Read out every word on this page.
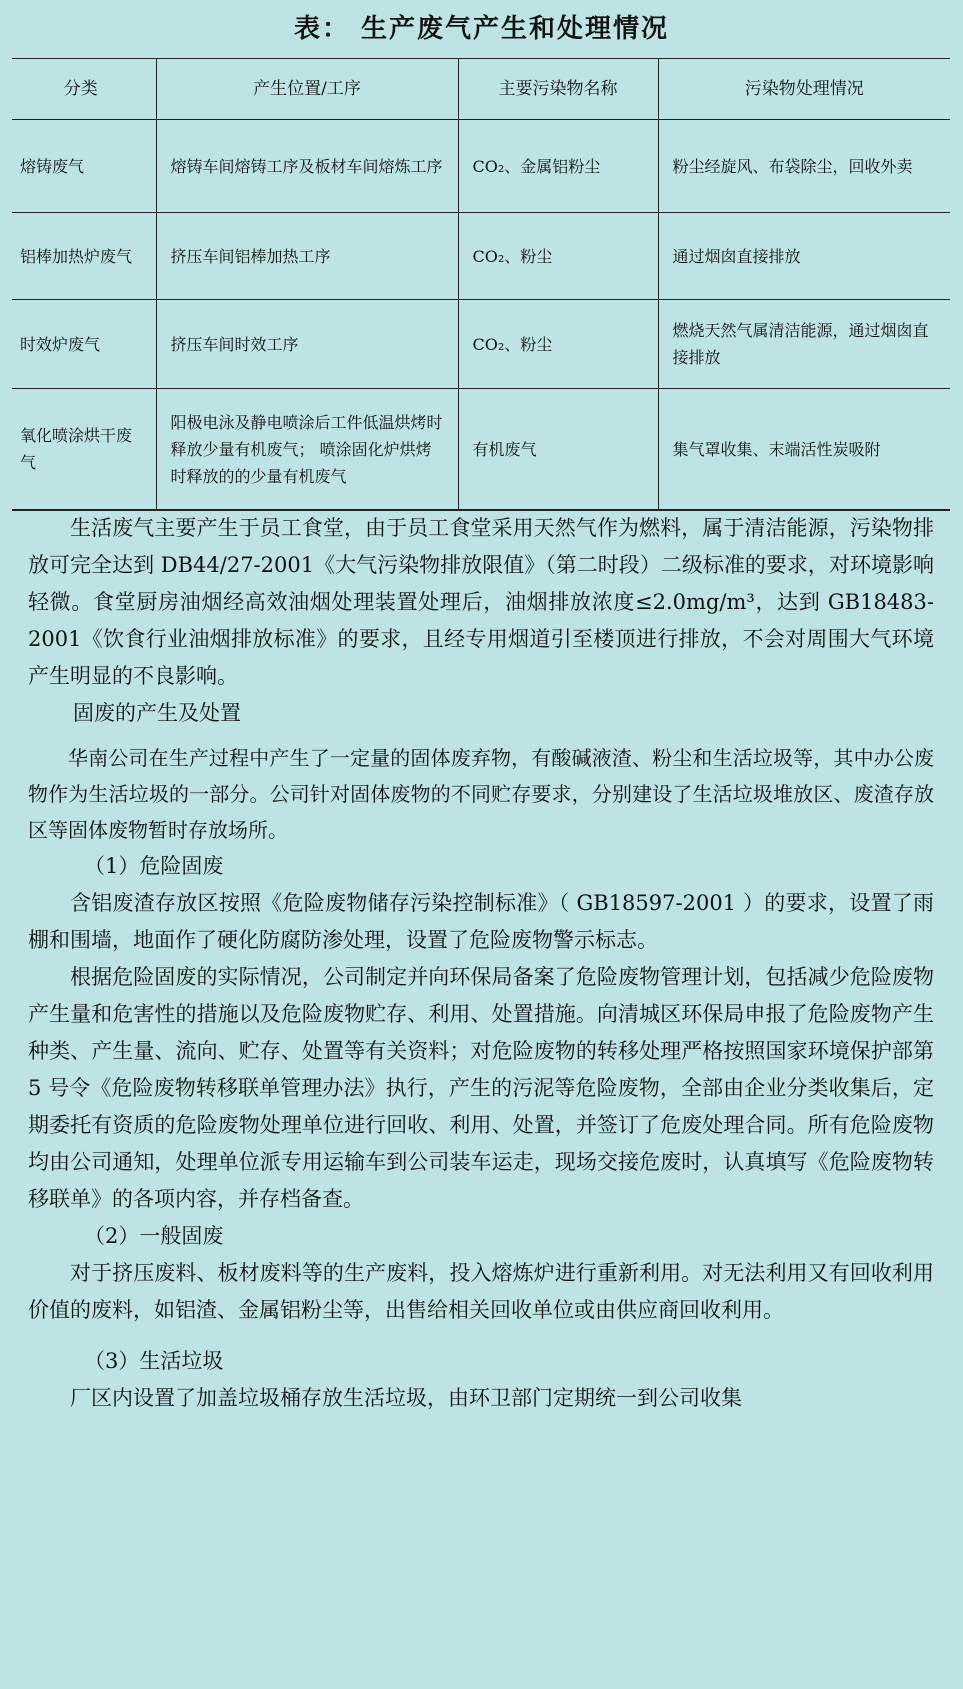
表： 生产废气产生和处理情况
分类	产生位置/工序	主要污染物名称	污染物处理情况
熔铸废气	熔铸车间熔铸工序及板材车间熔炼工序	CO₂、金属铝粉尘	粉尘经旋风、布袋除尘，回收外卖
铝棒加热炉废气	挤压车间铝棒加热工序	CO₂、粉尘	通过烟囱直接排放
时效炉废气	挤压车间时效工序	CO₂、粉尘	燃烧天然气属清洁能源，通过烟囱直接排放
氧化喷涂烘干废气	阳极电泳及静电喷涂后工件低温烘烤时释放少量有机废气； 喷涂固化炉烘烤时释放的的少量有机废气	有机废气	集气罩收集、末端活性炭吸附

生活废气主要产生于员工食堂，由于员工食堂采用天然气作为燃料，属于清洁能源，污染物排放可完全达到 DB44/27-2001《大气污染物排放限值》（第二时段）二级标准的要求，对环境影响轻微。食堂厨房油烟经高效油烟处理装置处理后，油烟排放浓度≤2.0mg/m³，达到 GB18483-2001《饮食行业油烟排放标准》的要求，且经专用烟道引至楼顶进行排放，不会对周围大气环境产生明显的不良影响。

固废的产生及处置

华南公司在生产过程中产生了一定量的固体废弃物，有酸碱液渣、粉尘和生活垃圾等，其中办公废物作为生活垃圾的一部分。公司针对固体废物的不同贮存要求，分别建设了生活垃圾堆放区、废渣存放区等固体废物暂时存放场所。

（1）危险固废

含铝废渣存放区按照《危险废物储存污染控制标准》（ GB18597-2001 ）的要求，设置了雨棚和围墙，地面作了硬化防腐防渗处理，设置了危险废物警示标志。

根据危险固废的实际情况，公司制定并向环保局备案了危险废物管理计划，包括减少危险废物产生量和危害性的措施以及危险废物贮存、利用、处置措施。向清城区环保局申报了危险废物产生种类、产生量、流向、贮存、处置等有关资料；对危险废物的转移处理严格按照国家环境保护部第 5 号令《危险废物转移联单管理办法》执行，产生的污泥等危险废物，全部由企业分类收集后，定期委托有资质的危险废物处理单位进行回收、利用、处置，并签订了危废处理合同。所有危险废物均由公司通知，处理单位派专用运输车到公司装车运走，现场交接危废时，认真填写《危险废物转移联单》的各项内容，并存档备查。

（2）一般固废

对于挤压废料、板材废料等的生产废料，投入熔炼炉进行重新利用。对无法利用又有回收利用价值的废料，如铝渣、金属铝粉尘等，出售给相关回收单位或由供应商回收利用。

（3）生活垃圾

厂区内设置了加盖垃圾桶存放生活垃圾，由环卫部门定期统一到公司收集
